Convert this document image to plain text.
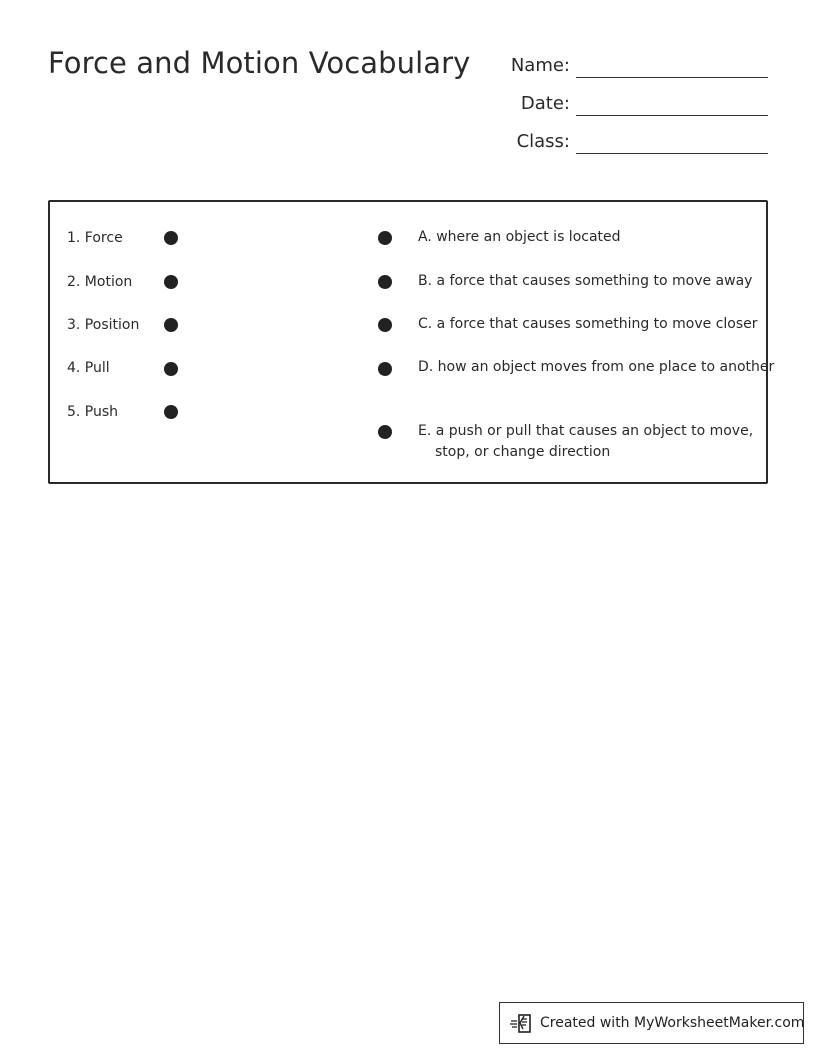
Force and Motion Vocabulary Name:
Date:
Class:
1. Force
2. Motion
3. Position
4. Pull
5. Push
A. where an object is located
B. a force that causes something to move away
C. a force that causes something to move closer
D. how an object moves from one place to another
E. a push or pull that causes an object to move, stop, or change direction
Created with MyWorksheetMaker.com
